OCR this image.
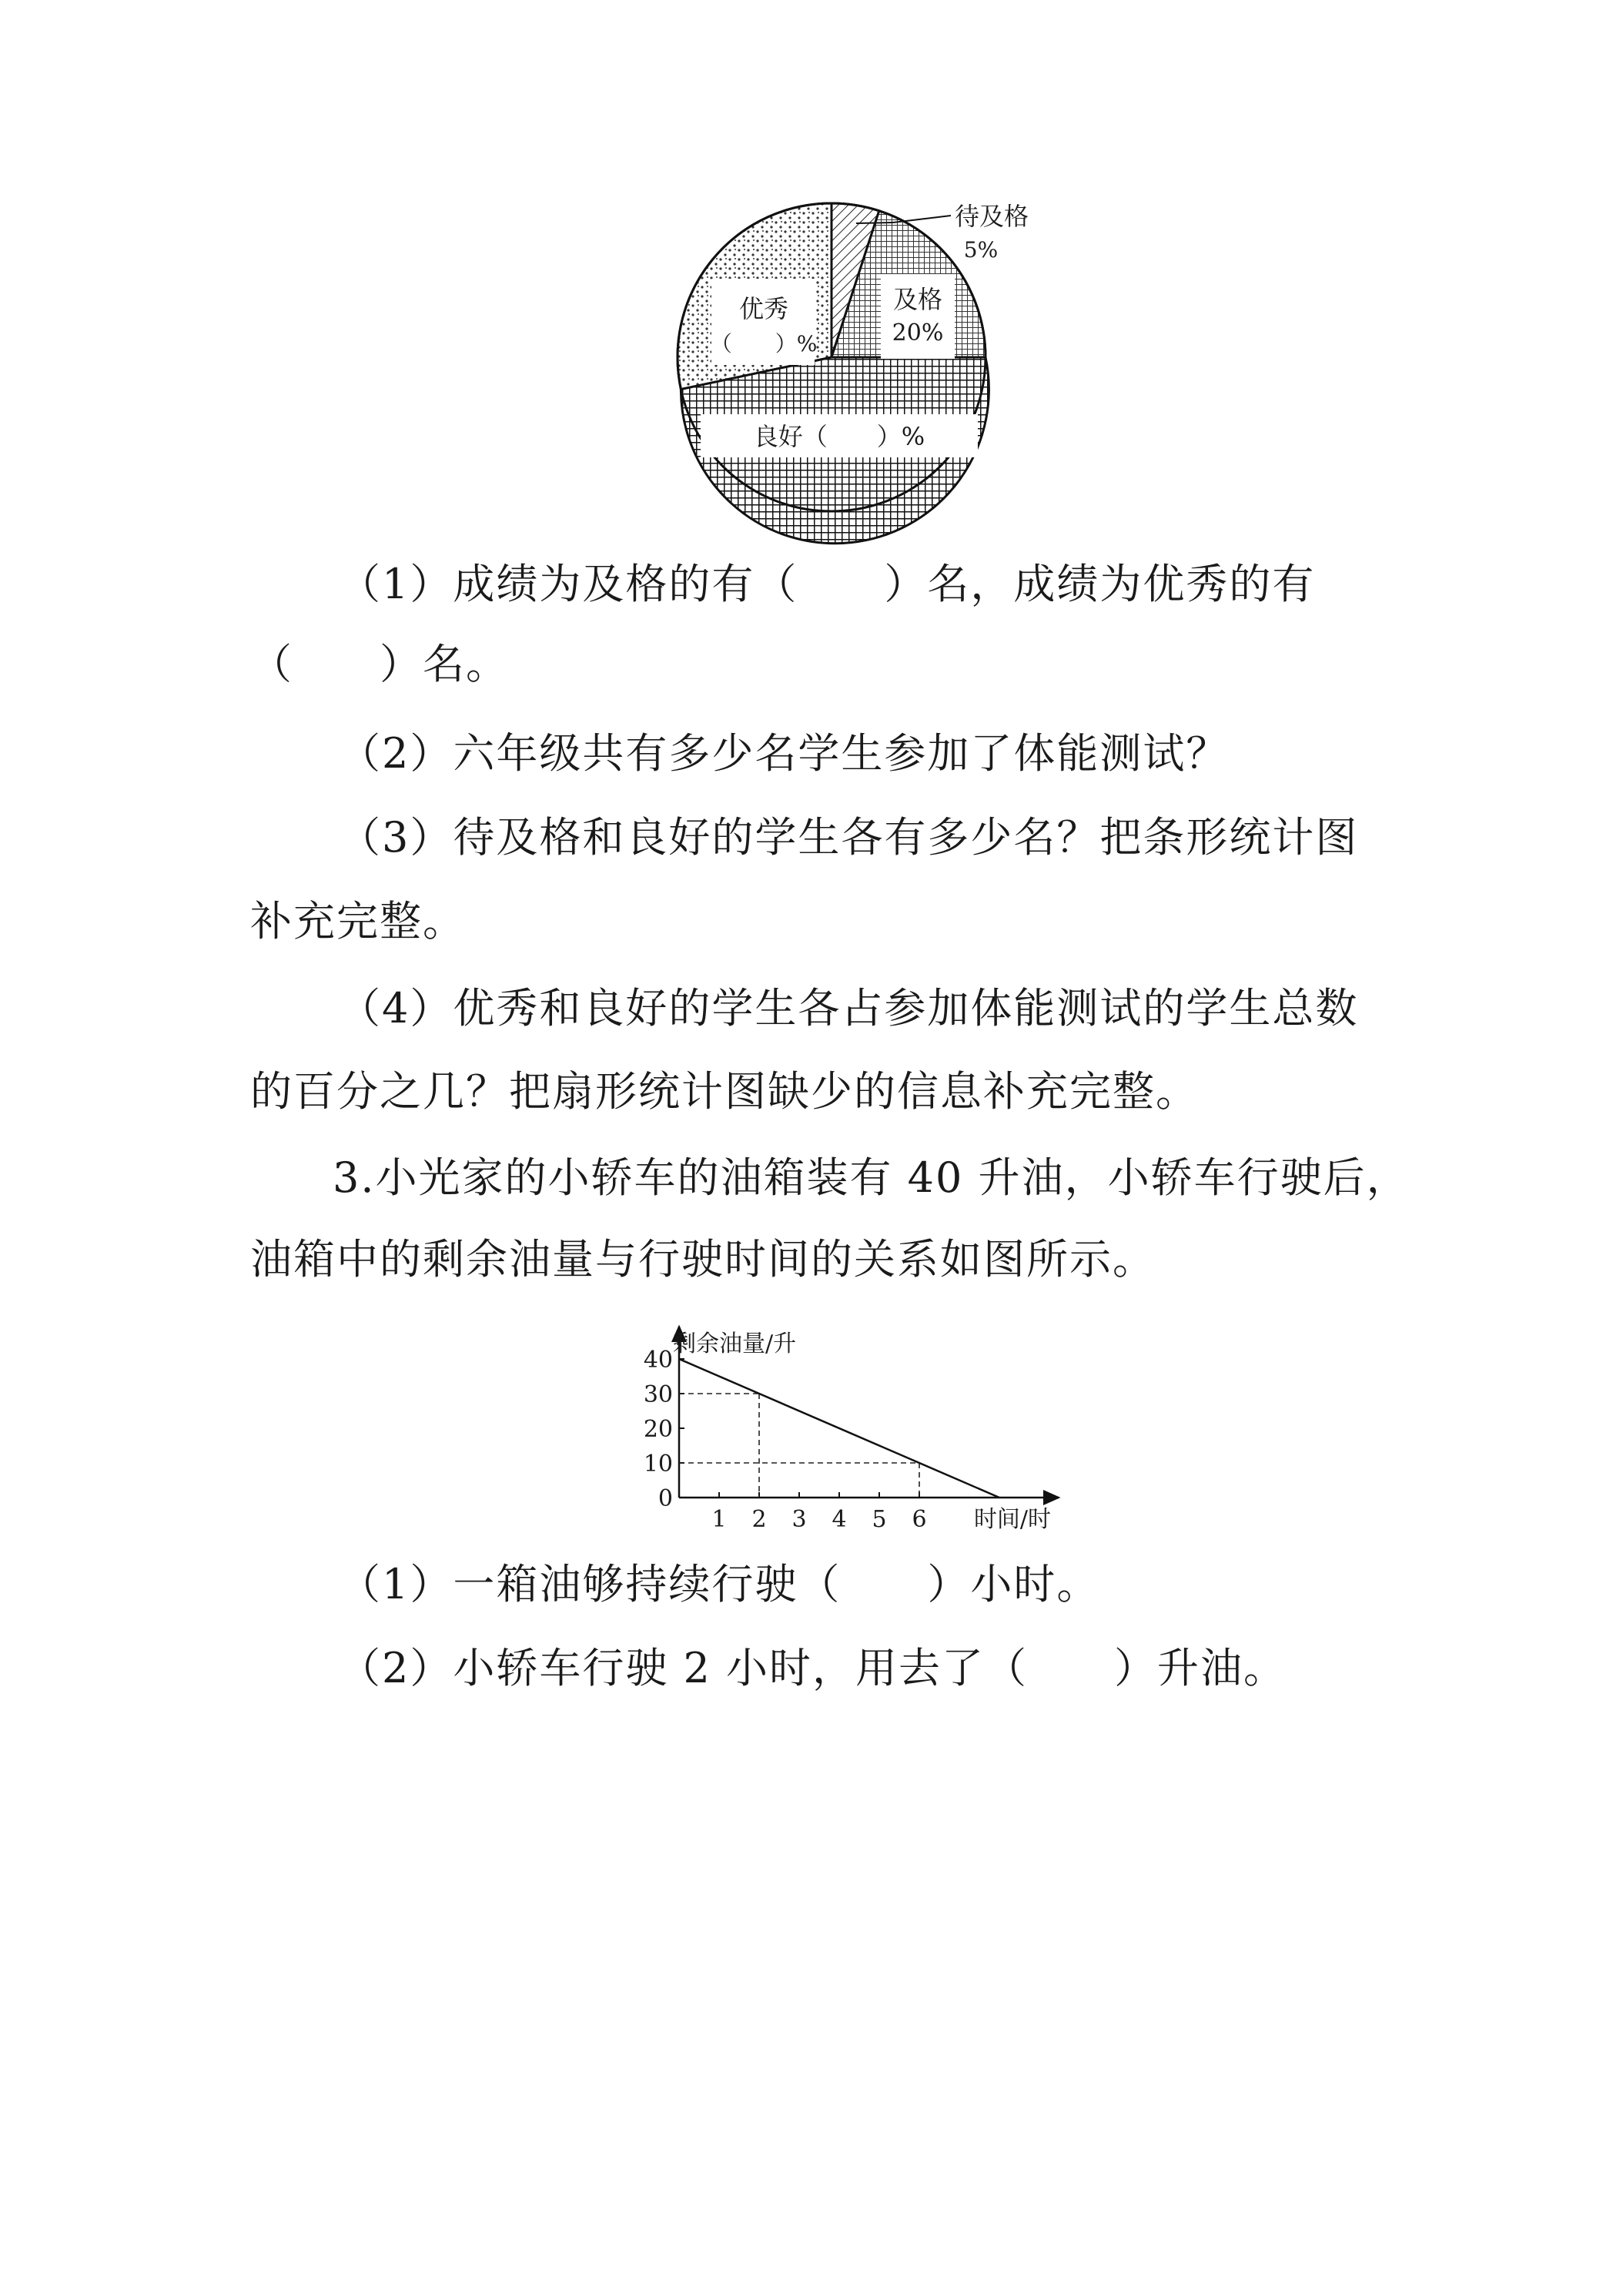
待及格
5%
及格
20%
优秀
（　　）%
良好（　　）%
（1）成绩为及格的有（　　）名，成绩为优秀的有
（　　）名。
（2）六年级共有多少名学生参加了体能测试？
（3）待及格和良好的学生各有多少名？把条形统计图
补充完整。
（4）优秀和良好的学生各占参加体能测试的学生总数
的百分之几？把扇形统计图缺少的信息补充完整。
3.小光家的小轿车的油箱装有 40 升油，小轿车行驶后，
油箱中的剩余油量与行驶时间的关系如图所示。
0
10
20
30
40
1 2 3 4 5 6
剩余油量/升
时间/时
（1）一箱油够持续行驶（　　）小时。
（2）小轿车行驶 2 小时，用去了（　　）升油。
